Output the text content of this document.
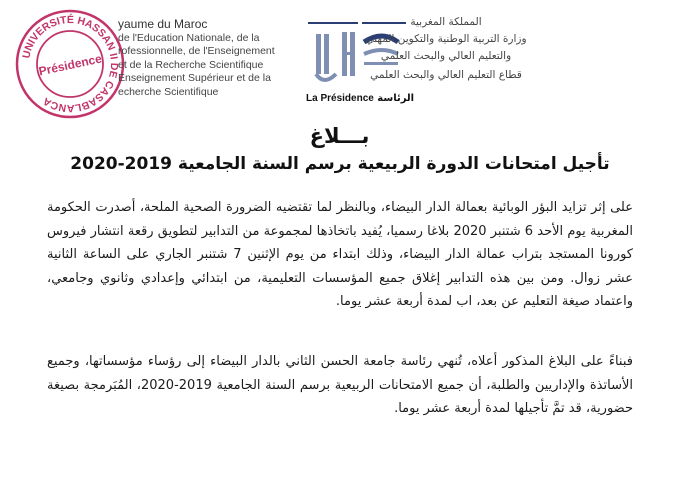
UNIVERSITÉ HASSAN II DE CASABLANCA
Présidence
yaume du Maroc
de l'Education Nationale, de la
rofessionnelle, de l'Enseignement
et de la Recherche Scientifique
Enseignement Supérieur et de la
echerche Scientifique
La Présidence الرئاسة
المملكة المغربية
وزارة التربية الوطنية والتكوين المهني
والتعليم العالي والبحث العلمي
قطاع التعليم العالي والبحث العلمي
بـــلاغ
تأجيل امتحانات الدورة الربيعية برسم السنة الجامعية 2019-2020
على إثر تزايد البؤر الوبائية بعمالة الدار البيضاء، وبالنظر لما تقتضيه الضرورة الصحية الملحة، أصدرت الحكومة المغربية يوم الأحد 6 شتنبر 2020 بلاغا رسميا، يُفيد باتخاذها لمجموعة من التدابير لتطويق رقعة انتشار فيروس كورونا المستجد بتراب عمالة الدار البيضاء، وذلك ابتداء من يوم الإثنين 7 شتنبر الجاري على الساعة الثانية عشر زوال. ومن بين هذه التدابير إغلاق جميع المؤسسات التعليمية، من ابتدائي وإعدادي وثانوي وجامعي، واعتماد صيغة التعليم عن بعد، اب لمدة أربعة عشر يوما.
فبناءً على البلاغ المذكور أعلاه، تُنهي رئاسة جامعة الحسن الثاني بالدار البيضاء إلى رؤساء مؤسساتها، وجميع الأساتذة والإداريين والطلبة، أن جميع الامتحانات الربيعية برسم السنة الجامعية 2019-2020، المُبَرمجة بصيغة حضورية، قد تمَّ تأجيلها لمدة أربعة عشر يوما.
